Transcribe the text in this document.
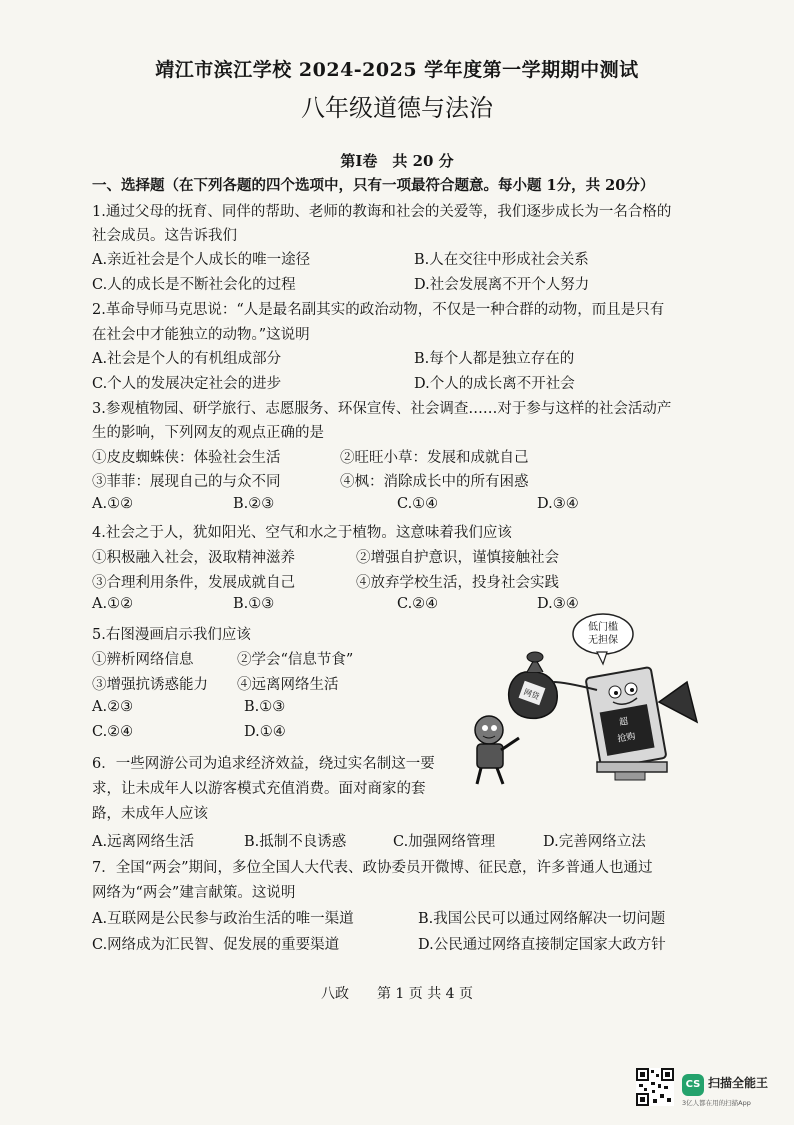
靖江市滨江学校 2024-2025 学年度第一学期期中测试
八年级道德与法治
第Ⅰ卷　共 20 分
一、选择题（在下列各题的四个选项中，只有一项最符合题意。每小题 1分，共 20分）
1.通过父母的抚育、同伴的帮助、老师的教诲和社会的关爱等，我们逐步成长为一名合格的
社会成员。这告诉我们
A.亲近社会是个人成长的唯一途径	B.人在交往中形成社会关系
C.人的成长是不断社会化的过程	D.社会发展离不开个人努力
2.革命导师马克思说：“人是最名副其实的政治动物，不仅是一种合群的动物，而且是只有
在社会中才能独立的动物。”这说明
A.社会是个人的有机组成部分	B.每个人都是独立存在的
C.个人的发展决定社会的进步	D.个人的成长离不开社会
3.参观植物园、研学旅行、志愿服务、环保宣传、社会调查……对于参与这样的社会活动产
生的影响，下列网友的观点正确的是
①皮皮蜘蛛侠：体验社会生活	②旺旺小草：发展和成就自己
③菲菲：展现自己的与众不同	④枫：消除成长中的所有困惑
A.①②	B.②③	C.①④	D.③④
4.社会之于人，犹如阳光、空气和水之于植物。这意味着我们应该
①积极融入社会，汲取精神滋养	②增强自护意识，谨慎接触社会
③合理利用条件，发展成就自己	④放弃学校生活，投身社会实践
A.①②	B.①③	C.②④	D.③④
5.右图漫画启示我们应该
①辨析网络信息	②学会“信息节食”
③增强抗诱惑能力 ④远离网络生活
A.②③	B.①③
C.②④	D.①④
低门槛
无担保
网贷
超
抢购
6．一些网游公司为追求经济效益，绕过实名制这一要
求，让未成年人以游客模式充值消费。面对商家的套
路，未成年人应该
A.远离网络生活	B.抵制不良诱惑	C.加强网络管理	D.完善网络立法
7．全国“两会”期间，多位全国人大代表、政协委员开微博、征民意，许多普通人也通过
网络为“两会”建言献策。这说明
A.互联网是公民参与政治生活的唯一渠道	B.我国公民可以通过网络解决一切问题
C.网络成为汇民智、促发展的重要渠道	D.公民通过网络直接制定国家大政方针
八政　　第 1 页 共 4 页
CS 扫描全能王
3亿人都在用的扫描App
